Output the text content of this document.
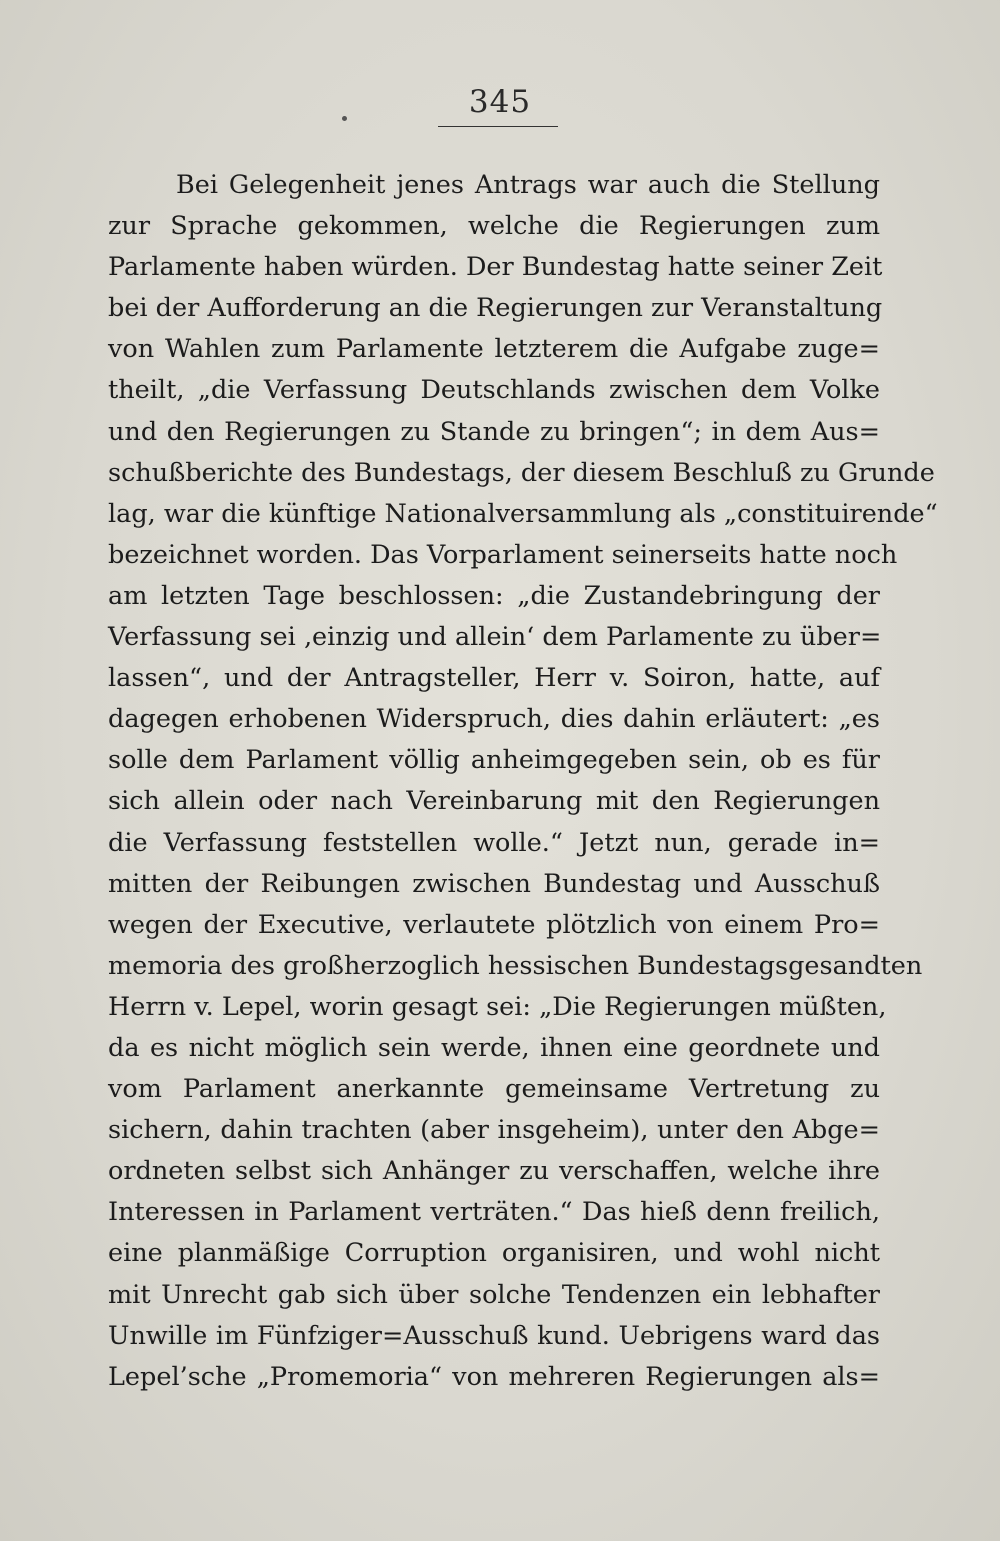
345
Bei Gelegenheit jenes Antrags war auch die Stellung
zur Sprache gekommen, welche die Regierungen zum
Parlamente haben würden. Der Bundestag hatte seiner Zeit
bei der Aufforderung an die Regierungen zur Veranstaltung
von Wahlen zum Parlamente letzterem die Aufgabe zuge=
theilt, „die Verfassung Deutschlands zwischen dem Volke
und den Regierungen zu Stande zu bringen“; in dem Aus=
schußberichte des Bundestags, der diesem Beschluß zu Grunde
lag, war die künftige Nationalversammlung als „constituirende“
bezeichnet worden. Das Vorparlament seinerseits hatte noch
am letzten Tage beschlossen: „die Zustandebringung der
Verfassung sei ‚einzig und allein‘ dem Parlamente zu über=
lassen“, und der Antragsteller, Herr v. Soiron, hatte, auf
dagegen erhobenen Widerspruch, dies dahin erläutert: „es
solle dem Parlament völlig anheimgegeben sein, ob es für
sich allein oder nach Vereinbarung mit den Regierungen
die Verfassung feststellen wolle.“ Jetzt nun, gerade in=
mitten der Reibungen zwischen Bundestag und Ausschuß
wegen der Executive, verlautete plötzlich von einem Pro=
memoria des großherzoglich hessischen Bundestagsgesandten
Herrn v. Lepel, worin gesagt sei: „Die Regierungen müßten,
da es nicht möglich sein werde, ihnen eine geordnete und
vom Parlament anerkannte gemeinsame Vertretung zu
sichern, dahin trachten (aber insgeheim), unter den Abge=
ordneten selbst sich Anhänger zu verschaffen, welche ihre
Interessen in Parlament verträten.“ Das hieß denn freilich,
eine planmäßige Corruption organisiren, und wohl nicht
mit Unrecht gab sich über solche Tendenzen ein lebhafter
Unwille im Fünfziger=Ausschuß kund. Uebrigens ward das
Lepel’sche „Promemoria“ von mehreren Regierungen als=
